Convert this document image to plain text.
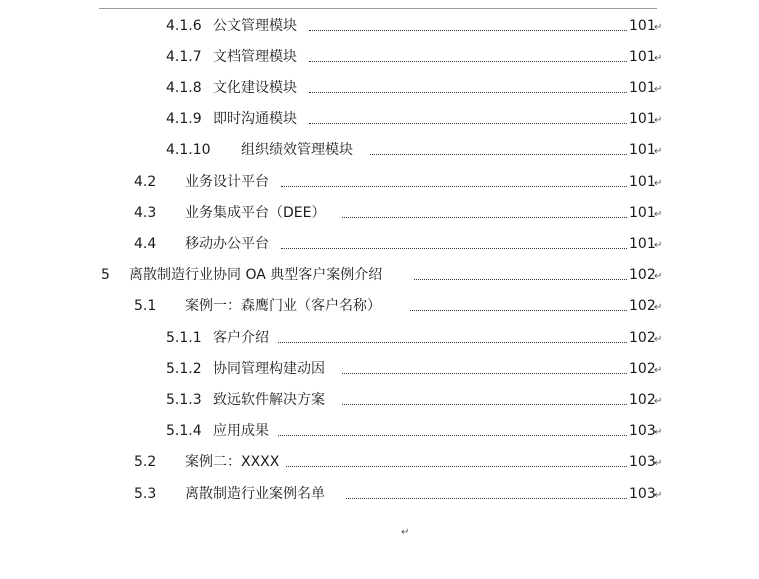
4.1.6 公文管理模块	101
↵
4.1.7 文档管理模块	101
↵
4.1.8 文化建设模块	101
↵
4.1.9 即时沟通模块	101
↵
4.1.10 组织绩效管理模块	101
↵
4.2 业务设计平台	101
↵
4.3 业务集成平台（DEE）	101
↵
4.4 移动办公平台	101
↵
5 离散制造行业协同 OA 典型客户案例介绍	102
↵
5.1 案例一：森鹰门业（客户名称）	102
↵
5.1.1 客户介绍	102
↵
5.1.2 协同管理构建动因	102
↵
5.1.3 致远软件解决方案	102
↵
5.1.4 应用成果	103
↵
5.2 案例二：XXXX	103
↵
5.3 离散制造行业案例名单	103
↵
↵
